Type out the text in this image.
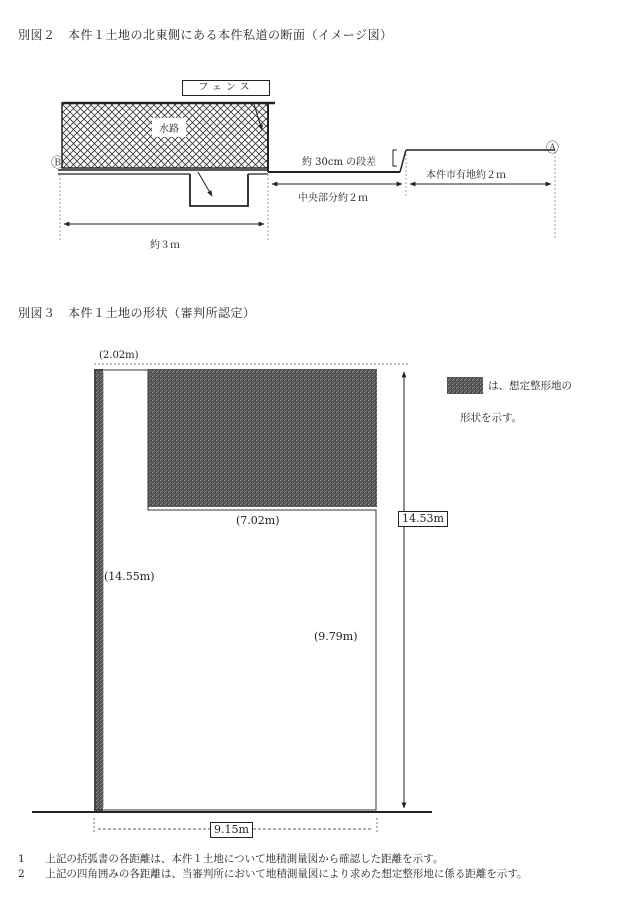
別図２　本件１土地の北東側にある本件私道の断面（イメージ図）
フェンス
水路
Ⓑ
Ⓐ
約 30cm の段差
中央部分約２ｍ
本件市有地約２ｍ
約３ｍ
別図３　本件１土地の形状（審判所認定）
(2.02m)
(7.02m)	14.53m
(14.55m)
(9.79m)
9.15m
は、想定整形地の
形状を示す。
1 上記の括弧書の各距離は、本件１土地について地積測量図から確認した距離を示す。
2 上記の四角囲みの各距離は、当審判所において地積測量図により求めた想定整形地に係る距離を示す。
